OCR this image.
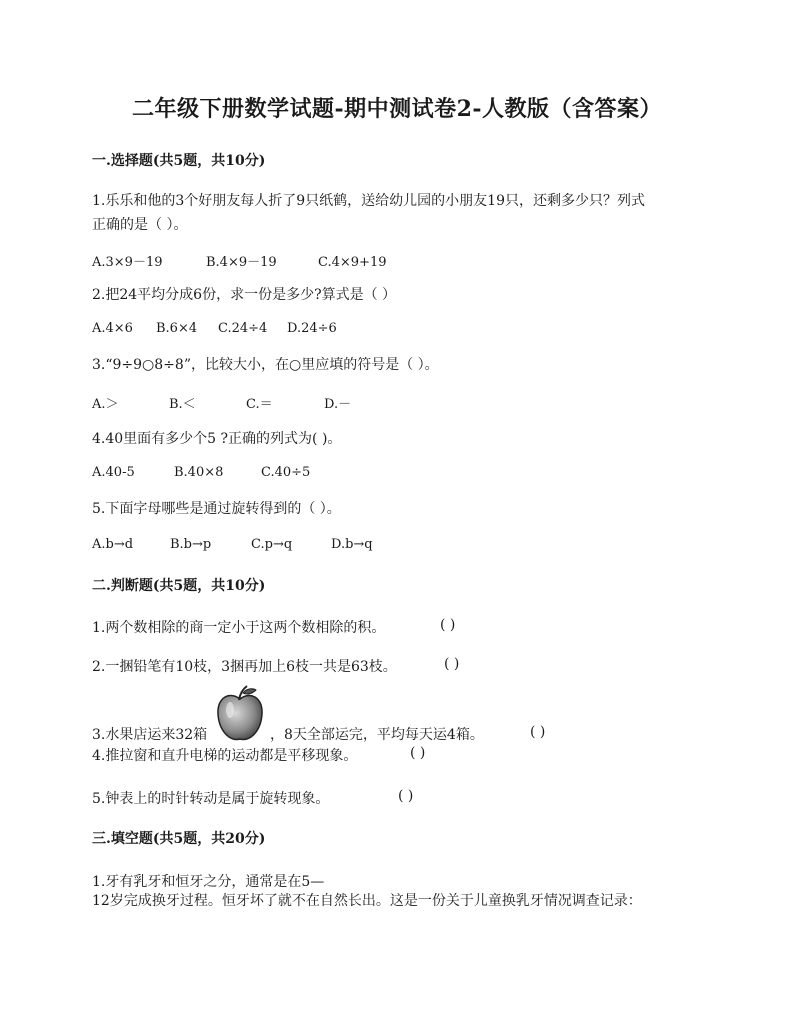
二年级下册数学试题-期中测试卷2-人教版（含答案）
一.选择题(共5题，共10分)
1.乐乐和他的3个好朋友每人折了9只纸鹤，送给幼儿园的小朋友19只，还剩多少只？列式
正确的是（ ）。
A.3×9－19	B.4×9－19	C.4×9+19
2.把24平均分成6份，求一份是多少?算式是（ ）
A.4×6 B.6×4 C.24÷4 D.24÷6
3.“9÷9○8÷8”，比较大小，在○里应填的符号是（ ）。
A.＞	B.＜	C.＝	D.－
4.40里面有多少个5 ?正确的列式为( )。
A.40-5	B.40×8	C.40÷5
5.下面字母哪些是通过旋转得到的（ ）。
A.b→d	B.b→p	C.p→q	D.b→q
二.判断题(共5题，共10分)
1.两个数相除的商一定小于这两个数相除的积。	( )
2.一捆铅笔有10枝，3捆再加上6枝一共是63枝。	( )
3.水果店运来32箱	，8天全部运完，平均每天运4箱。	( )
4.推拉窗和直升电梯的运动都是平移现象。	( )
5.钟表上的时针转动是属于旋转现象。	( )
三.填空题(共5题，共20分)
1.牙有乳牙和恒牙之分，通常是在5—
12岁完成换牙过程。恒牙坏了就不在自然长出。这是一份关于儿童换乳牙情况调查记录：
